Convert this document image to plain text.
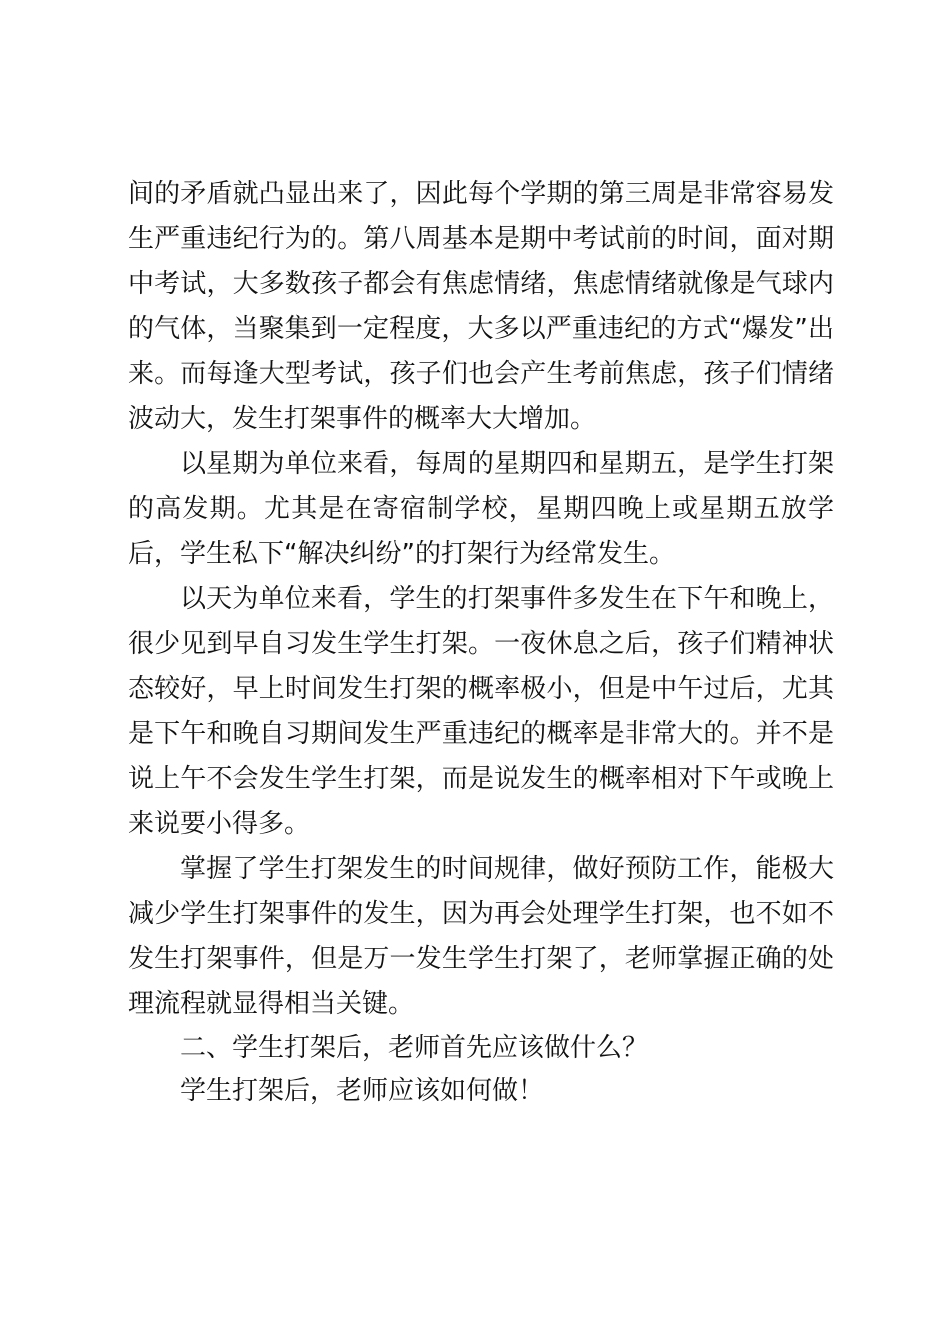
间的矛盾就凸显出来了，因此每个学期的第三周是非常容易发生严重违纪行为的。第八周基本是期中考试前的时间，面对期中考试，大多数孩子都会有焦虑情绪，焦虑情绪就像是气球内的气体，当聚集到一定程度，大多以严重违纪的方式“爆发”出来。而每逢大型考试，孩子们也会产生考前焦虑，孩子们情绪波动大，发生打架事件的概率大大增加。

以星期为单位来看，每周的星期四和星期五，是学生打架的高发期。尤其是在寄宿制学校，星期四晚上或星期五放学后，学生私下“解决纠纷”的打架行为经常发生。

以天为单位来看，学生的打架事件多发生在下午和晚上，很少见到早自习发生学生打架。一夜休息之后，孩子们精神状态较好，早上时间发生打架的概率极小，但是中午过后，尤其是下午和晚自习期间发生严重违纪的概率是非常大的。并不是说上午不会发生学生打架，而是说发生的概率相对下午或晚上来说要小得多。

掌握了学生打架发生的时间规律，做好预防工作，能极大减少学生打架事件的发生，因为再会处理学生打架，也不如不发生打架事件，但是万一发生学生打架了，老师掌握正确的处理流程就显得相当关键。

二、学生打架后，老师首先应该做什么？

学生打架后，老师应该如何做！
